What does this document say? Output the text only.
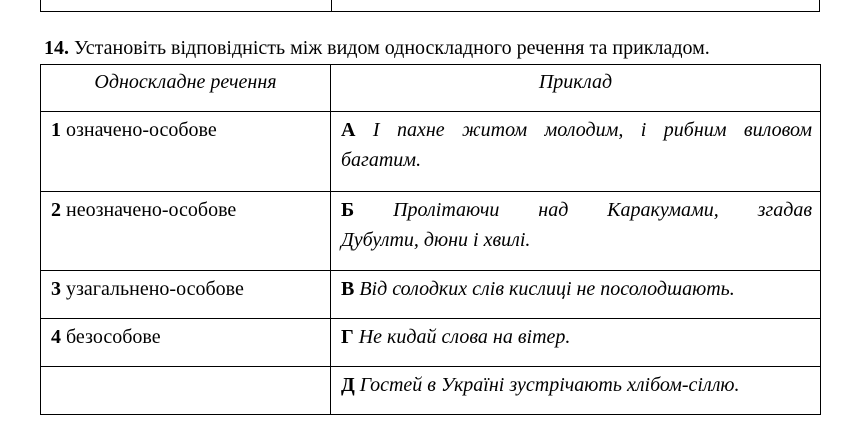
14. Установіть відповідність між видом односкладного речення та прикладом.
Односкладне речення	Приклад
1 означено-особове	А І пахне житом молодим, і рибним виловом
багатим.

2 неозначено-особове	Б Пролітаючи над Каракумами, згадав
Дубулти, дюни і хвилі.

3 узагальнено-особове	В Від солодких слів кислиці не посолодшають.
4 безособове	Г Не кидай слова на вітер.
	Д Гостей в Україні зустрічають хлібом-сіллю.
